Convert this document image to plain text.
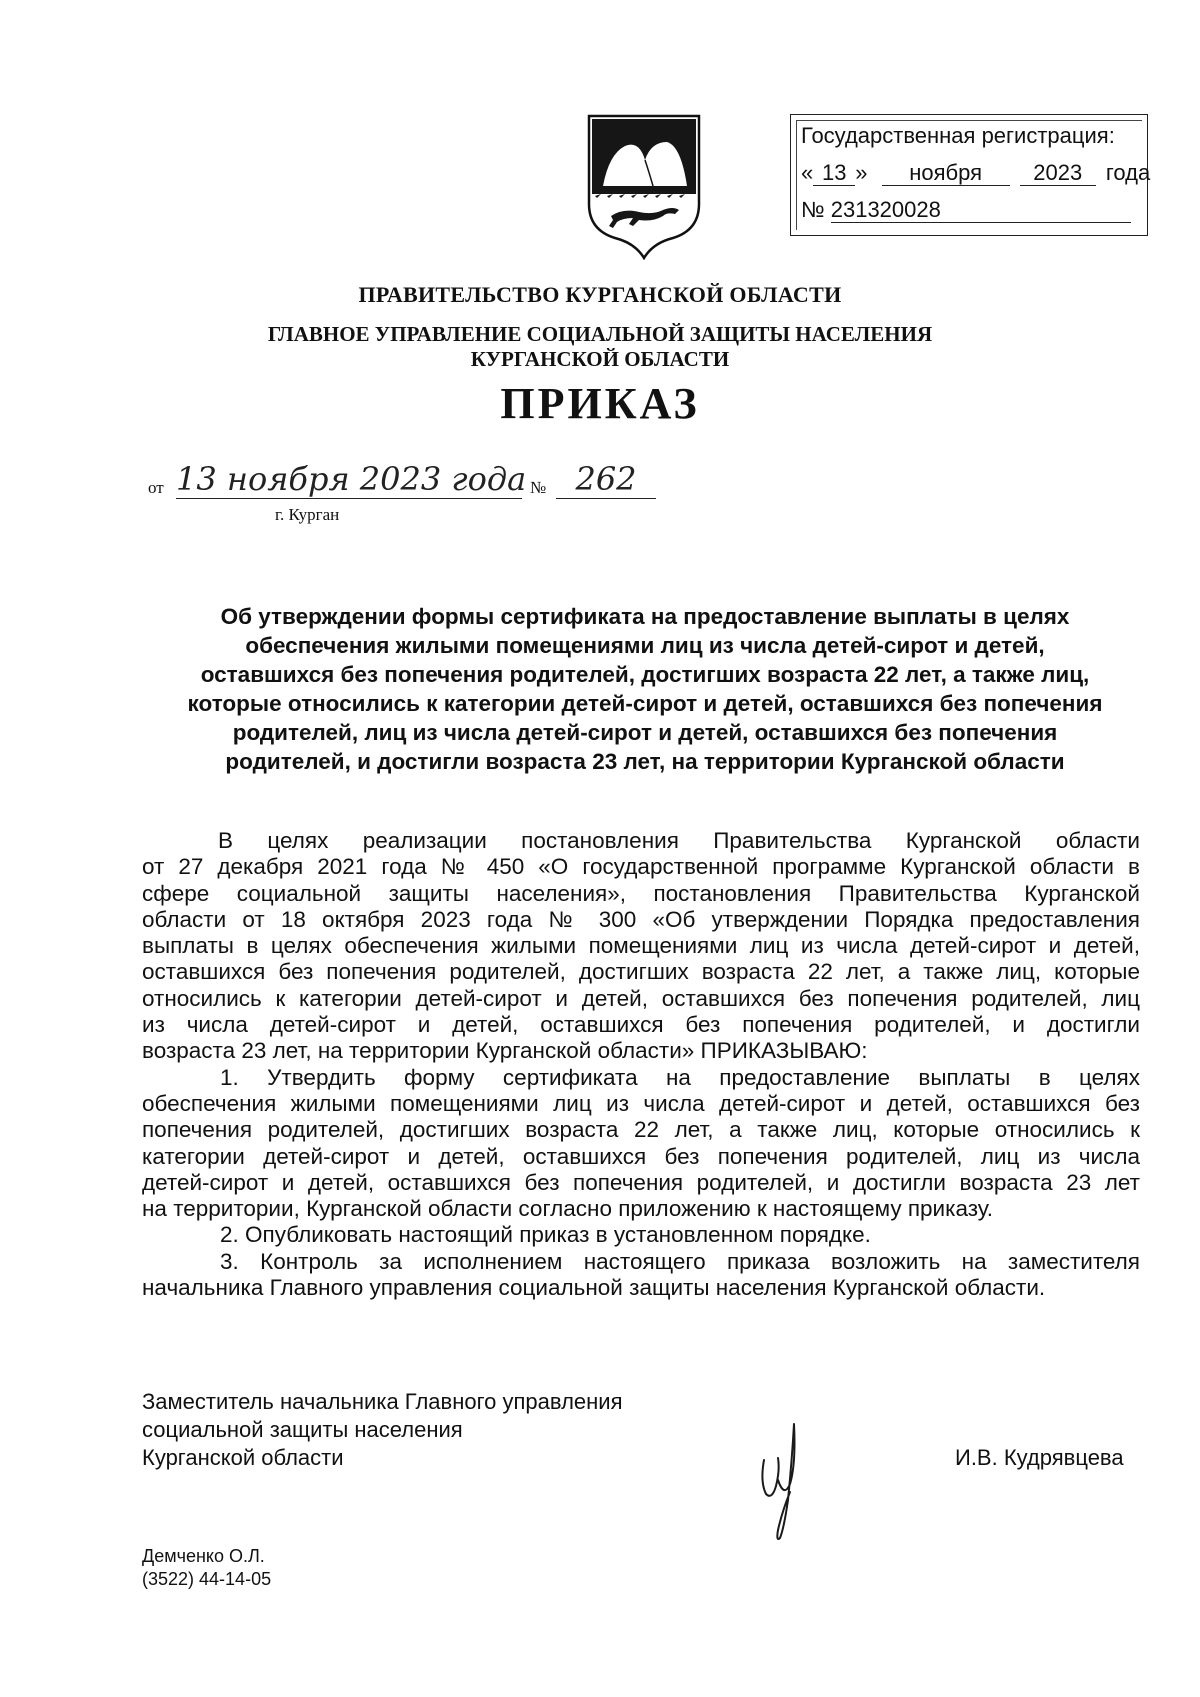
Государственная регистрация:
« 13 » ноября 2023 года
№ 231320028
ПРАВИТЕЛЬСТВО КУРГАНСКОЙ ОБЛАСТИ
ГЛАВНОЕ УПРАВЛЕНИЕ СОЦИАЛЬНОЙ ЗАЩИТЫ НАСЕЛЕНИЯ
КУРГАНСКОЙ ОБЛАСТИ
ПРИКАЗ
от 13 ноября 2023 года № 262
г. Курган
Об утверждении формы сертификата на предоставление выплаты в целях
обеспечения жилыми помещениями лиц из числа детей-сирот и детей,
оставшихся без попечения родителей, достигших возраста 22 лет, а также лиц,
которые относились к категории детей-сирот и детей, оставшихся без попечения
родителей, лиц из числа детей-сирот и детей, оставшихся без попечения
родителей, и достигли возраста 23 лет, на территории Курганской области
В целях реализации постановления Правительства Курганской области
от 27 декабря 2021 года № 450 «О государственной программе Курганской области в
сфере социальной защиты населения», постановления Правительства Курганской
области от 18 октября 2023 года № 300 «Об утверждении Порядка предоставления
выплаты в целях обеспечения жилыми помещениями лиц из числа детей-сирот и детей,
оставшихся без попечения родителей, достигших возраста 22 лет, а также лиц, которые
относились к категории детей-сирот и детей, оставшихся без попечения родителей, лиц
из числа детей-сирот и детей, оставшихся без попечения родителей, и достигли
возраста 23 лет, на территории Курганской области» ПРИКАЗЫВАЮ:
1. Утвердить форму сертификата на предоставление выплаты в целях
обеспечения жилыми помещениями лиц из числа детей-сирот и детей, оставшихся без
попечения родителей, достигших возраста 22 лет, а также лиц, которые относились к
категории детей-сирот и детей, оставшихся без попечения родителей, лиц из числа
детей-сирот и детей, оставшихся без попечения родителей, и достигли возраста 23 лет
на территории, Курганской области согласно приложению к настоящему приказу.
2. Опубликовать настоящий приказ в установленном порядке.
3. Контроль за исполнением настоящего приказа возложить на заместителя
начальника Главного управления социальной защиты населения Курганской области.
Заместитель начальника Главного управления
социальной защиты населения
Курганской области	И.В. Кудрявцева
Демченко О.Л.
(3522) 44-14-05
